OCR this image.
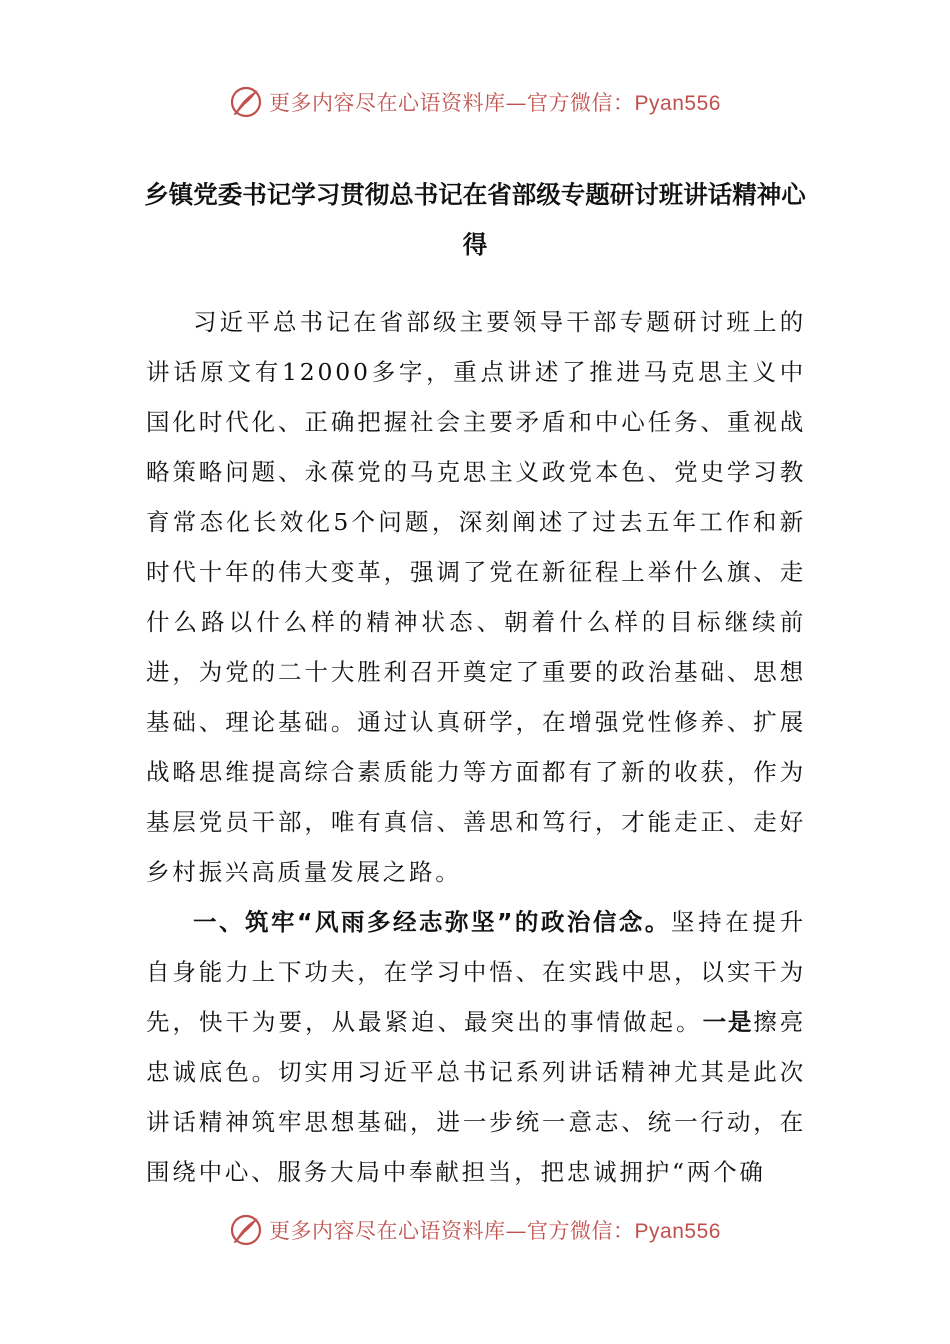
更多内容尽在心语资料库—官方微信：Pyan556
乡镇党委书记学习贯彻总书记在省部级专题研讨班讲话精神心得

习近平总书记在省部级主要领导干部专题研讨班上的讲话原文有12000多字，重点讲述了推进马克思主义中国化时代化、正确把握社会主要矛盾和中心任务、重视战略策略问题、永葆党的马克思主义政党本色、党史学习教育常态化长效化5个问题，深刻阐述了过去五年工作和新时代十年的伟大变革，强调了党在新征程上举什么旗、走什么路以什么样的精神状态、朝着什么样的目标继续前进，为党的二十大胜利召开奠定了重要的政治基础、思想基础、理论基础。通过认真研学，在增强党性修养、扩展战略思维提高综合素质能力等方面都有了新的收获，作为基层党员干部，唯有真信、善思和笃行，才能走正、走好乡村振兴高质量发展之路。

一、筑牢“风雨多经志弥坚”的政治信念。坚持在提升自身能力上下功夫，在学习中悟、在实践中思，以实干为先，快干为要，从最紧迫、最突出的事情做起。一是擦亮忠诚底色。切实用习近平总书记系列讲话精神尤其是此次讲话精神筑牢思想基础，进一步统一意志、统一行动，在围绕中心、服务大局中奉献担当，把忠诚拥护“两个确

更多内容尽在心语资料库—官方微信：Pyan556
